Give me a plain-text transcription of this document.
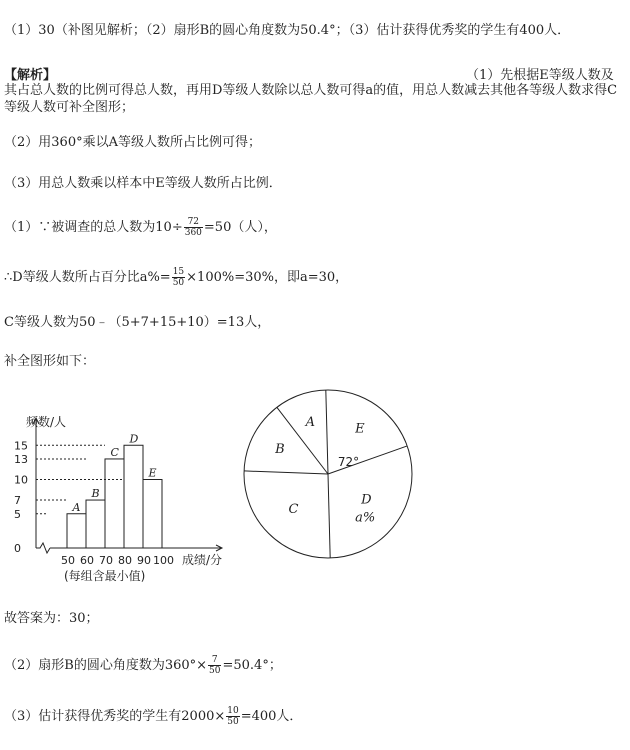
（1）30（补图见解析；（2）扇形B的圆心角度数为50.4°；（3）估计获得优秀奖的学生有400人．
【解析】	（1）先根据E等级人数及
其占总人数的比例可得总人数，再用D等级人数除以总人数可得a的值，用总人数减去其他各等级人数求得C等级人数可补全图形；
（2）用360°乘以A等级人数所占比例可得；
（3）用总人数乘以样本中E等级人数所占比例．
（1）∵被调查的总人数为$10\div \frac{72}{360} =50$（人），
∴D等级人数所占百分比$a\%= \frac{15}{50} \times 100\%=30\%$，即a=30，
C等级人数为50﹣（5+7+15+10）=13人，
补全图形如下：
频数/人
0
5
7
10
13
15
A
B
C
D
E
50 60 70 80 90 100 成绩/分
(每组含最小值)
E
D
C
B
A
72°
a%
故答案为：30；
（2）扇形B的圆心角度数为$360^\circ\times \frac{7}{50} =50.4^\circ$；
（3）估计获得优秀奖的学生有$2000\times \frac{10}{50} =400$人．
